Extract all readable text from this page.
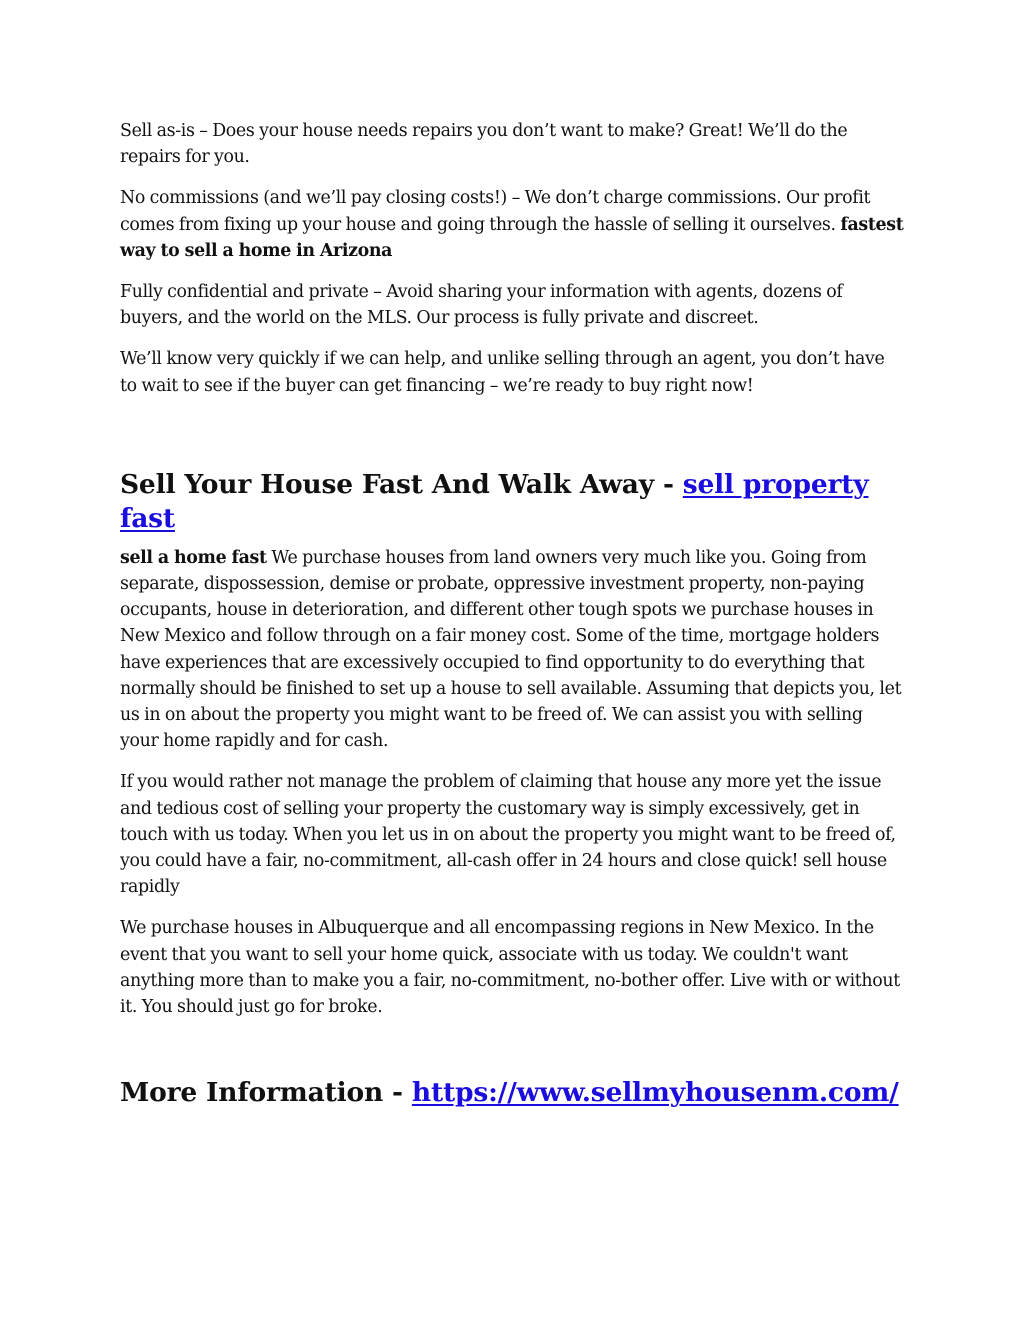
Sell as-is – Does your house needs repairs you don’t want to make? Great! We’ll do the repairs for you.

No commissions (and we’ll pay closing costs!) – We don’t charge commissions. Our profit comes from fixing up your house and going through the hassle of selling it ourselves. fastest way to sell a home in Arizona

Fully confidential and private – Avoid sharing your information with agents, dozens of buyers, and the world on the MLS. Our process is fully private and discreet.

We’ll know very quickly if we can help, and unlike selling through an agent, you don’t have to wait to see if the buyer can get financing – we’re ready to buy right now!

Sell Your House Fast And Walk Away - sell property fast

sell a home fast We purchase houses from land owners very much like you. Going from separate, dispossession, demise or probate, oppressive investment property, non-paying occupants, house in deterioration, and different other tough spots we purchase houses in New Mexico and follow through on a fair money cost. Some of the time, mortgage holders have experiences that are excessively occupied to find opportunity to do everything that normally should be finished to set up a house to sell available. Assuming that depicts you, let us in on about the property you might want to be freed of. We can assist you with selling your home rapidly and for cash.

If you would rather not manage the problem of claiming that house any more yet the issue and tedious cost of selling your property the customary way is simply excessively, get in touch with us today. When you let us in on about the property you might want to be freed of, you could have a fair, no-commitment, all-cash offer in 24 hours and close quick! sell house rapidly

We purchase houses in Albuquerque and all encompassing regions in New Mexico. In the event that you want to sell your home quick, associate with us today. We couldn't want anything more than to make you a fair, no-commitment, no-bother offer. Live with or without it. You should just go for broke.

More Information - https://www.sellmyhousenm.com/
